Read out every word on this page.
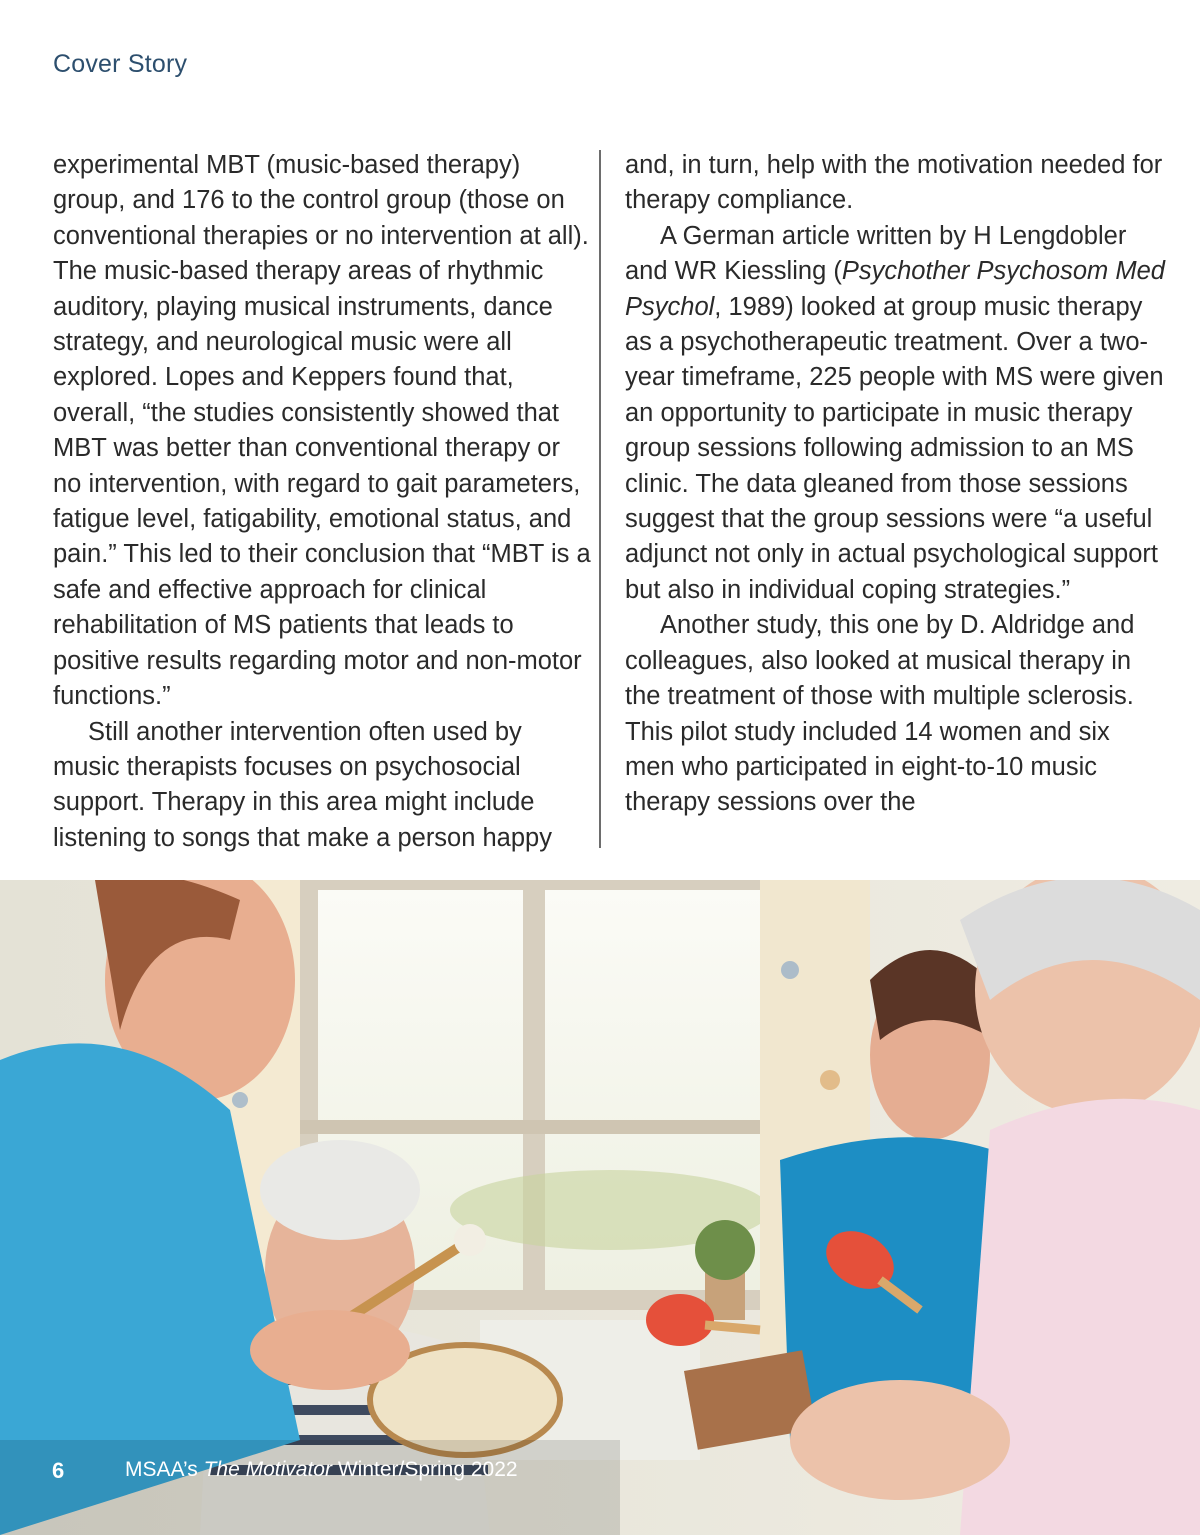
Cover Story

experimental MBT (music-based therapy) group, and 176 to the control group (those on conventional therapies or no intervention at all). The music-based therapy areas of rhythmic auditory, playing musical instruments, dance strategy, and neurological music were all explored. Lopes and Keppers found that, overall, “the studies consistently showed that MBT was better than conventional therapy or no intervention, with regard to gait parameters, fatigue level, fatigability, emotional status, and pain.” This led to their conclusion that “MBT is a safe and effective approach for clinical rehabilitation of MS patients that leads to positive results regarding motor and non-motor functions.”

Still another intervention often used by music therapists focuses on psychosocial support. Therapy in this area might include listening to songs that make a person happy

and, in turn, help with the motivation needed for therapy compliance.

A German article written by H Lengdobler and WR Kiessling (Psychother Psychosom Med Psychol, 1989) looked at group music therapy as a psychotherapeutic treatment. Over a two-year timeframe, 225 people with MS were given an opportunity to participate in music therapy group sessions following admission to an MS clinic. The data gleaned from those sessions suggest that the group sessions were “a useful adjunct not only in actual psychological support but also in individual coping strategies.”

Another study, this one by D. Aldridge and colleagues, also looked at musical therapy in the treatment of those with multiple sclerosis. This pilot study included 14 women and six men who participated in eight-to-10 music therapy sessions over the

6	MSAA’s The Motivator Winter/Spring 2022
